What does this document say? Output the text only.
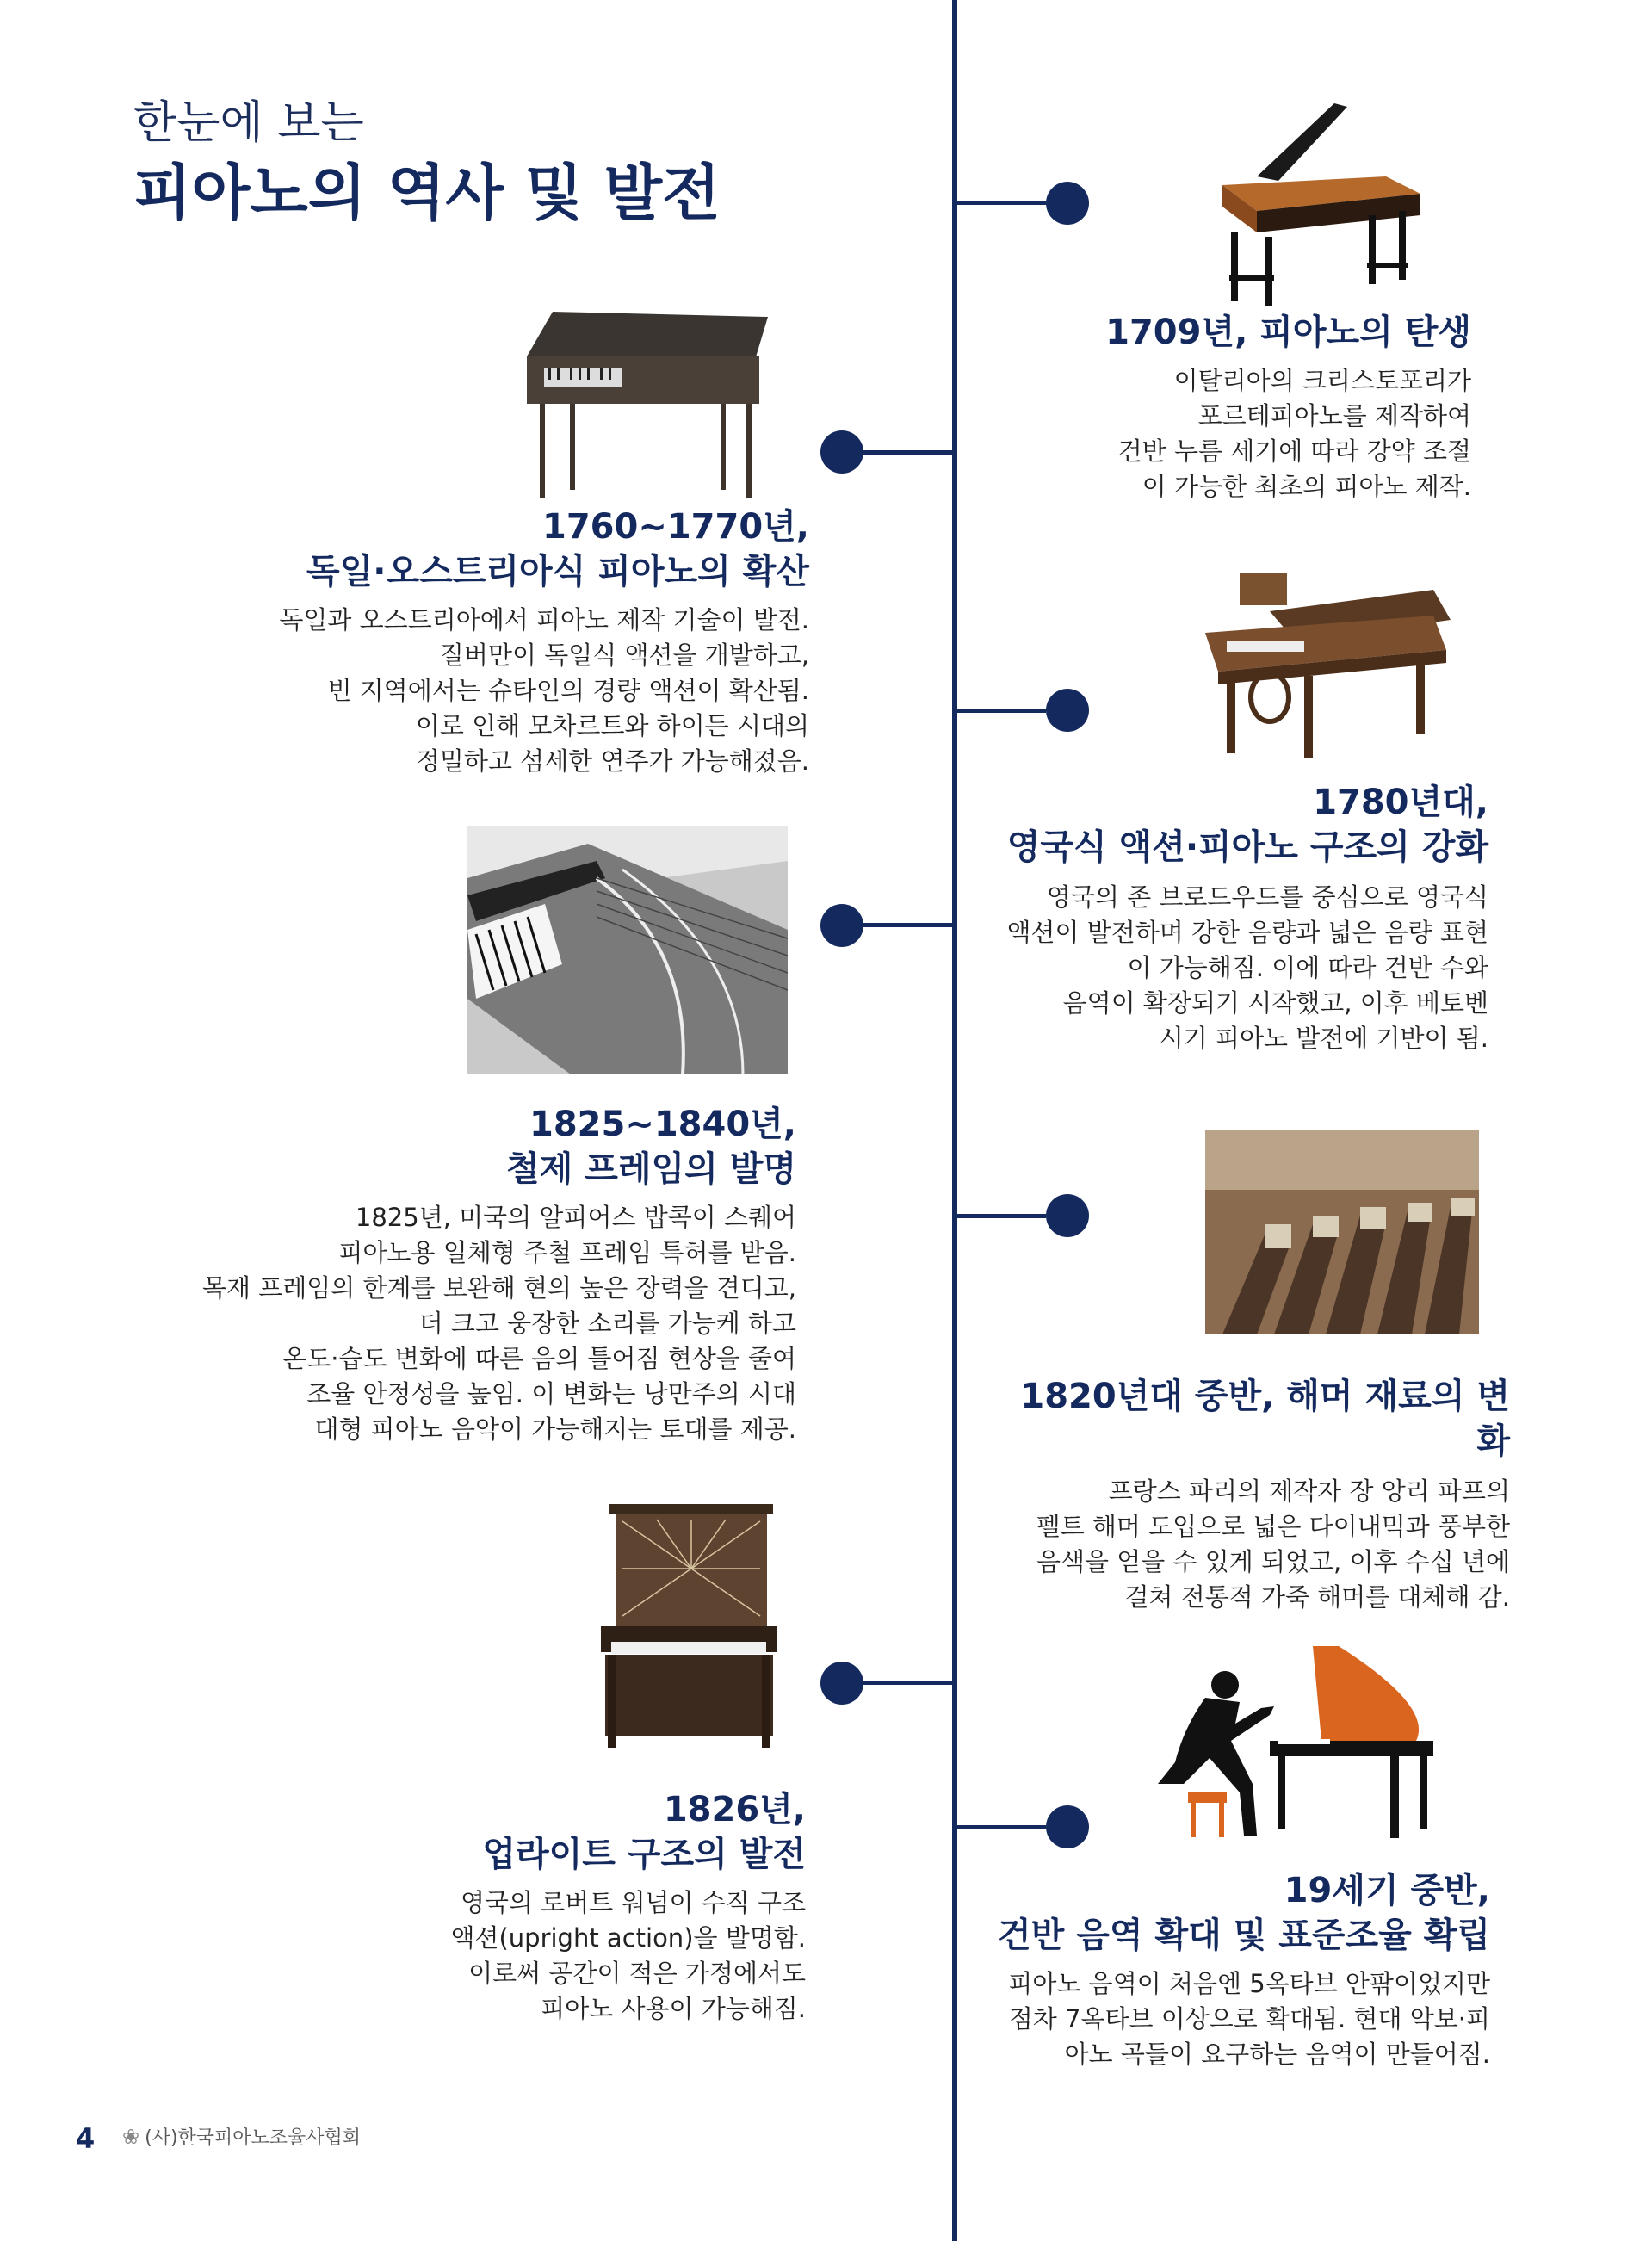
한눈에 보는
피아노의 역사 및 발전
1709년, 피아노의 탄생
이탈리아의 크리스토포리가
포르테피아노를 제작하여
건반 누름 세기에 따라 강약 조절
이 가능한 최초의 피아노 제작.
1760~1770년,
독일·오스트리아식 피아노의 확산
독일과 오스트리아에서 피아노 제작 기술이 발전.
질버만이 독일식 액션을 개발하고,
빈 지역에서는 슈타인의 경량 액션이 확산됨.
이로 인해 모차르트와 하이든 시대의
정밀하고 섬세한 연주가 가능해졌음.
1780년대,
영국식 액션·피아노 구조의 강화
영국의 존 브로드우드를 중심으로 영국식
액션이 발전하며 강한 음량과 넓은 음량 표현
이 가능해짐. 이에 따라 건반 수와
음역이 확장되기 시작했고, 이후 베토벤
시기 피아노 발전에 기반이 됨.
1825~1840년,
철제 프레임의 발명
1825년, 미국의 알피어스 밥콕이 스퀘어
피아노용 일체형 주철 프레임 특허를 받음.
목재 프레임의 한계를 보완해 현의 높은 장력을 견디고,
더 크고 웅장한 소리를 가능케 하고
온도·습도 변화에 따른 음의 틀어짐 현상을 줄여
조율 안정성을 높임. 이 변화는 낭만주의 시대
대형 피아노 음악이 가능해지는 토대를 제공.
1820년대 중반, 해머 재료의 변화
프랑스 파리의 제작자 장 앙리 파프의
펠트 해머 도입으로 넓은 다이내믹과 풍부한
음색을 얻을 수 있게 되었고, 이후 수십 년에
걸쳐 전통적 가죽 해머를 대체해 감.
1826년,
업라이트 구조의 발전
영국의 로버트 워넘이 수직 구조
액션(upright action)을 발명함.
이로써 공간이 적은 가정에서도
피아노 사용이 가능해짐.
19세기 중반,
건반 음역 확대 및 표준조율 확립
피아노 음역이 처음엔 5옥타브 안팎이었지만
점차 7옥타브 이상으로 확대됨. 현대 악보·피
아노 곡들이 요구하는 음역이 만들어짐.
4 ❀ (사)한국피아노조율사협회
